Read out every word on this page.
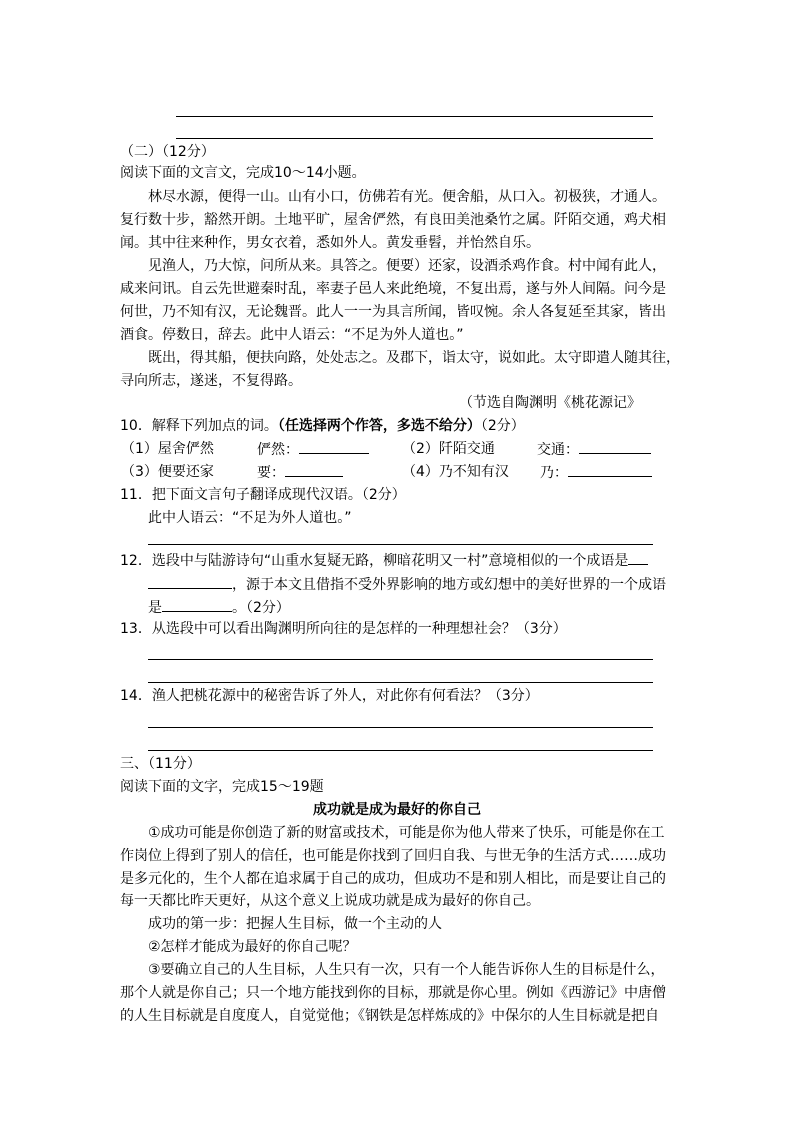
（二）（12分）
阅读下面的文言文，完成10～14小题。
林尽水源，便得一山。山有小口，仿佛若有光。便舍船，从口入。初极狭，才通人。
复行数十步，豁然开朗。土地平旷，屋舍俨然，有良田美池桑竹之属。阡陌交通，鸡犬相
闻。其中往来种作，男女衣着，悉如外人。黄发垂髫，并怡然自乐。
见渔人，乃大惊，问所从来。具答之。便要）还家，设酒杀鸡作食。村中闻有此人，
咸来问讯。自云先世避秦时乱，率妻子邑人来此绝境，不复出焉，遂与外人间隔。问今是
何世，乃不知有汉，无论魏晋。此人一一为具言所闻，皆叹惋。余人各复延至其家，皆出
酒食。停数日，辞去。此中人语云：“不足为外人道也。”
既出，得其船，便扶向路，处处志之。及郡下，诣太守，说如此。太守即遣人随其往，
寻向所志，遂迷，不复得路。
（节选自陶渊明《桃花源记》
10．解释下列加点的词。（任选择两个作答，多选不给分）（2分）
（1）屋舍俨然	俨然：	（2）阡陌交通	交通：
（3）便要还家	要：	（4）乃不知有汉 乃：
11．把下面文言句子翻译成现代汉语。（2分）
此中人语云：“不足为外人道也。”
12．选段中与陆游诗句“山重水复疑无路，柳暗花明又一村”意境相似的一个成语是
，源于本文且借指不受外界影响的地方或幻想中的美好世界的一个成语
是	。（2分）
13．从选段中可以看出陶渊明所向往的是怎样的一种理想社会？（3分）
14．渔人把桃花源中的秘密告诉了外人，对此你有何看法？（3分）
三、（11分）
阅读下面的文字，完成15～19题
成功就是成为最好的你自己
①成功可能是你创造了新的财富或技术，可能是你为他人带来了快乐，可能是你在工
作岗位上得到了别人的信任，也可能是你找到了回归自我、与世无争的生活方式……成功
是多元化的，生个人都在追求属于自己的成功，但成功不是和别人相比，而是要让自己的
每一天都比昨天更好，从这个意义上说成功就是成为最好的你自己。
成功的第一步：把握人生目标，做一个主动的人
②怎样才能成为最好的你自己呢？
③要确立自己的人生目标，人生只有一次，只有一个人能告诉你人生的目标是什么，
那个人就是你自己；只一个地方能找到你的目标，那就是你心里。例如《西游记》中唐僧
的人生目标就是自度度人，自觉觉他；《钢铁是怎样炼成的》中保尔的人生目标就是把自
